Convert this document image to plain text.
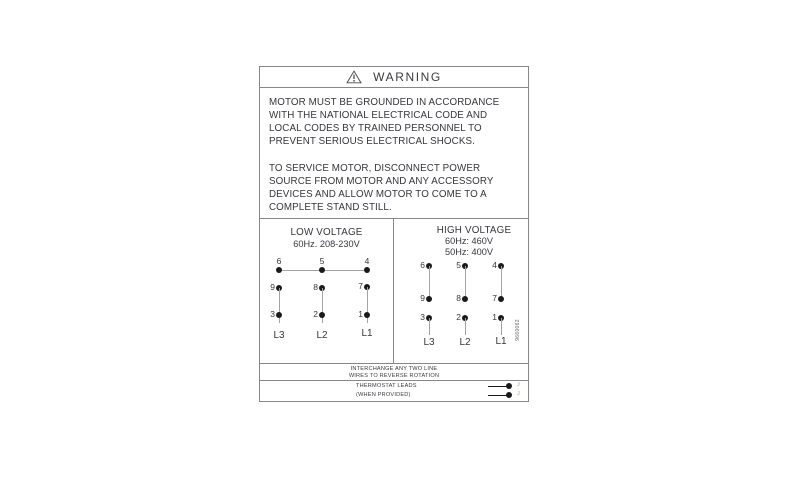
WARNING
MOTOR MUST BE GROUNDED IN ACCORDANCE
WITH THE NATIONAL ELECTRICAL CODE AND
LOCAL CODES BY TRAINED PERSONNEL TO
PREVENT SERIOUS ELECTRICAL SHOCKS.
TO SERVICE MOTOR, DISCONNECT POWER
SOURCE FROM MOTOR AND ANY ACCESSORY
DEVICES AND ALLOW MOTOR TO COME TO A
COMPLETE STAND STILL.
LOW VOLTAGE
60Hz. 208-230V
6
9
3
L3
5
8
2
L2
4
7
1
L1
HIGH VOLTAGE
60Hz: 460V
50Hz: 400V
6
9
3
L3
5
8
2
L2
4
7
1
L1
9660062
INTERCHANGE ANY TWO LINE
WIRES TO REVERSE ROTATION
THERMOSTAT LEADS	J
(WHEN PROVIDED)	J
